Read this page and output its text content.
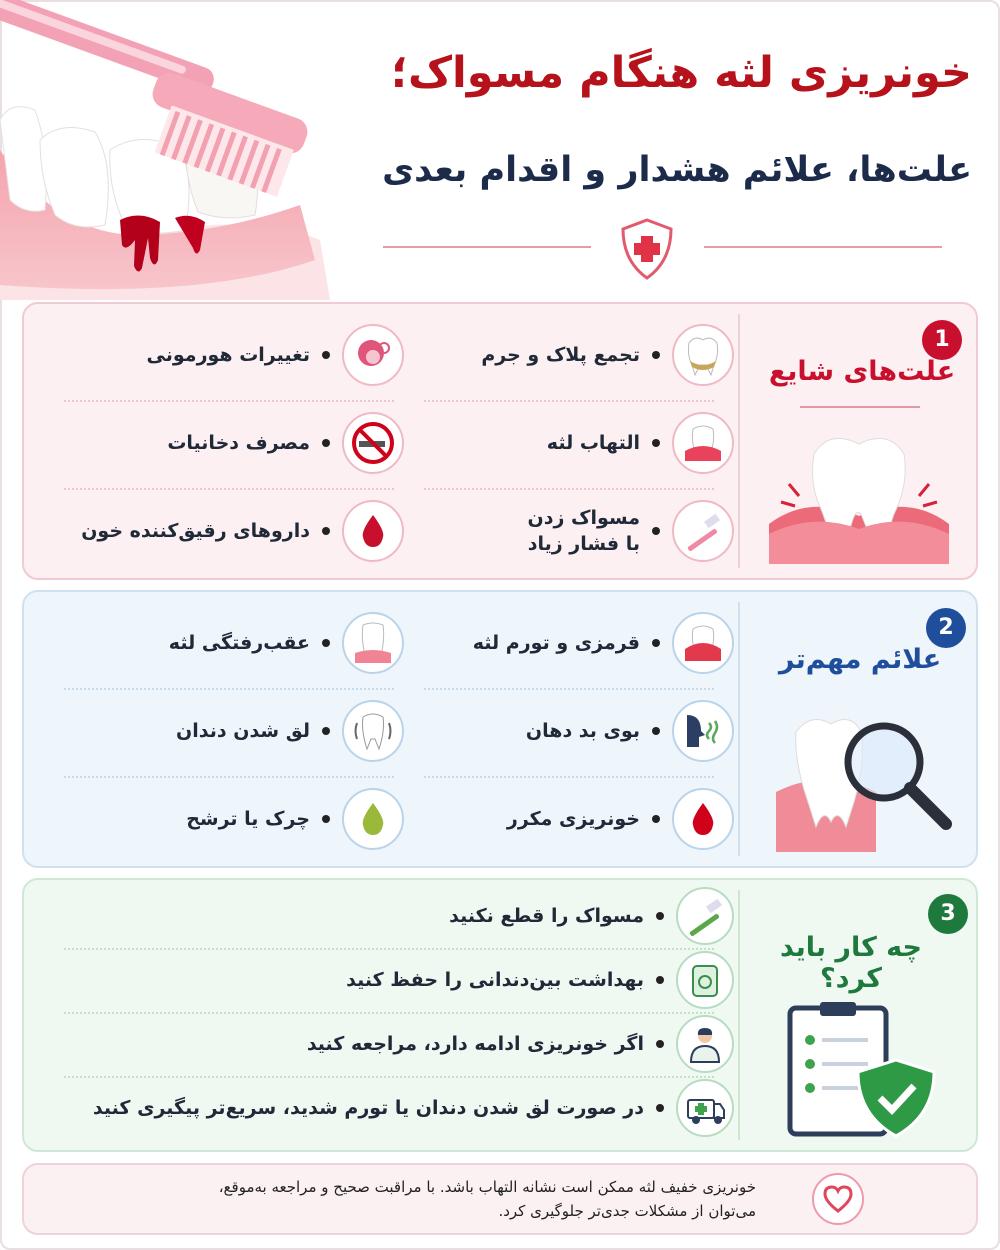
خونریزی لثه هنگام مسواک؛
علت‌ها، علائم هشدار و اقدام بعدی
1
علت‌های شایع
تجمع پلاک و جرم
تغییرات هورمونی
التهاب لثه
مصرف دخانیات
مسواک زدن
با فشار زیاد
داروهای رقیق‌کننده خون
2
علائم مهم‌تر
قرمزی و تورم لثه
عقب‌رفتگی لثه
بوی بد دهان
لق شدن دندان
خونریزی مکرر
چرک یا ترشح
3
چه کار باید کرد؟
مسواک را قطع نکنید
بهداشت بین‌دندانی را حفظ کنید
اگر خونریزی ادامه دارد، مراجعه کنید
در صورت لق شدن دندان یا تورم شدید، سریع‌تر پیگیری کنید
خونریزی خفیف لثه ممکن است نشانه التهاب باشد. با مراقبت صحیح و مراجعه به‌موقع،
می‌توان از مشکلات جدی‌تر جلوگیری کرد.
